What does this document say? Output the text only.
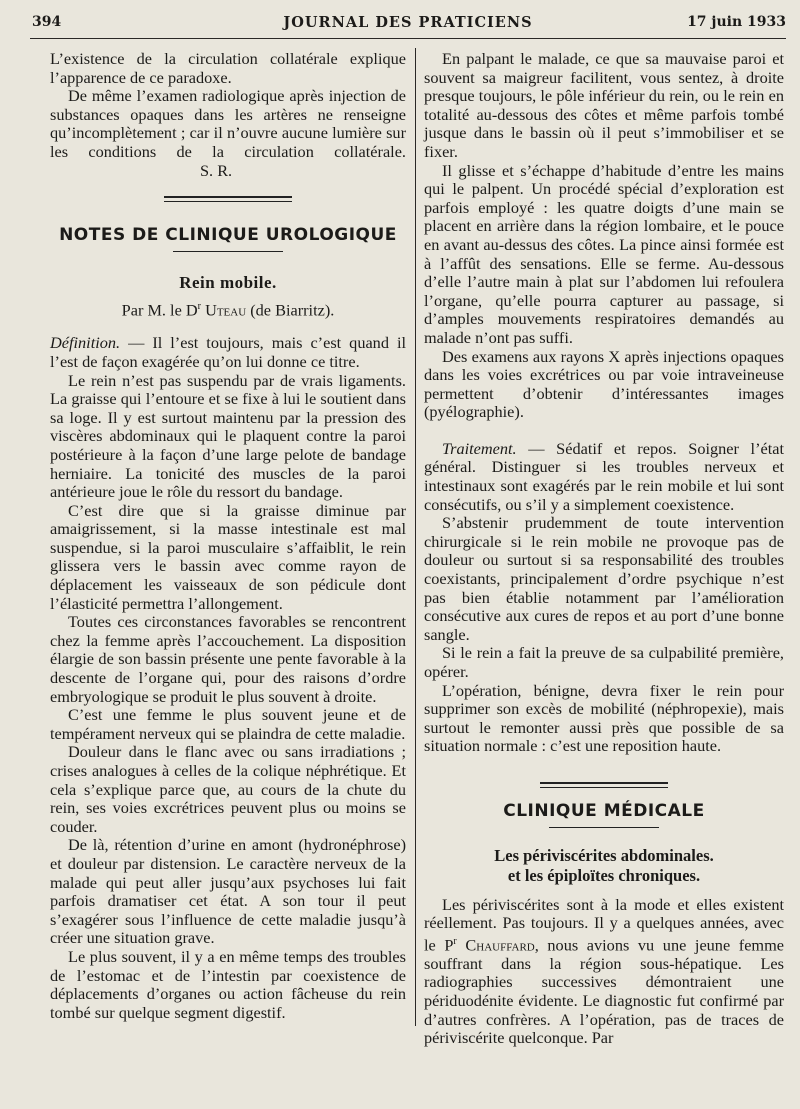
394	JOURNAL DES PRATICIENS	17 juin 1933

L’existence de la circulation collatérale explique l’apparence de ce paradoxe.

De même l’examen radiologique après injection de substances opaques dans les artères ne renseigne qu’incomplètement ; car il n’ouvre aucune lumière sur les conditions de la circulation collatérale. S. R.

NOTES DE CLINIQUE UROLOGIQUE
Rein mobile.
Par M. le $D^r$ Uteau (de Biarritz).

Définition. — Il l’est toujours, mais c’est quand il l’est de façon exagérée qu’on lui donne ce titre.

Le rein n’est pas suspendu par de vrais ligaments. La graisse qui l’entoure et se fixe à lui le soutient dans sa loge. Il y est surtout maintenu par la pression des viscères abdominaux qui le plaquent contre la paroi postérieure à la façon d’une large pelote de bandage herniaire. La tonicité des muscles de la paroi antérieure joue le rôle du ressort du bandage.

C’est dire que si la graisse diminue par amaigrissement, si la masse intestinale est mal suspendue, si la paroi musculaire s’affaiblit, le rein glissera vers le bassin avec comme rayon de déplacement les vaisseaux de son pédicule dont l’élasticité permettra l’allongement.

Toutes ces circonstances favorables se rencontrent chez la femme après l’accouchement. La disposition élargie de son bassin présente une pente favorable à la descente de l’organe qui, pour des raisons d’ordre embryologique se produit le plus souvent à droite.

C’est une femme le plus souvent jeune et de tempérament nerveux qui se plaindra de cette maladie.

Douleur dans le flanc avec ou sans irradiations ; crises analogues à celles de la colique néphrétique. Et cela s’explique parce que, au cours de la chute du rein, ses voies excrétrices peuvent plus ou moins se couder.

De là, rétention d’urine en amont (hydronéphrose) et douleur par distension. Le caractère nerveux de la malade qui peut aller jusqu’aux psychoses lui fait parfois dramatiser cet état. A son tour il peut s’exagérer sous l’influence de cette maladie jusqu’à créer une situation grave.

Le plus souvent, il y a en même temps des troubles de l’estomac et de l’intestin par coexistence de déplacements d’organes ou action fâcheuse du rein tombé sur quelque segment digestif.

En palpant le malade, ce que sa mauvaise paroi et souvent sa maigreur facilitent, vous sentez, à droite presque toujours, le pôle inférieur du rein, ou le rein en totalité au-dessous des côtes et même parfois tombé jusque dans le bassin où il peut s’immobiliser et se fixer.

Il glisse et s’échappe d’habitude d’entre les mains qui le palpent. Un procédé spécial d’exploration est parfois employé : les quatre doigts d’une main se placent en arrière dans la région lombaire, et le pouce en avant au-dessus des côtes. La pince ainsi formée est à l’affût des sensations. Elle se ferme. Au-dessous d’elle l’autre main à plat sur l’abdomen lui refoulera l’organe, qu’elle pourra capturer au passage, si d’amples mouvements respiratoires demandés au malade n’ont pas suffi.

Des examens aux rayons X après injections opaques dans les voies excrétrices ou par voie intraveineuse permettent d’obtenir d’intéressantes images (pyélographie).

Traitement. — Sédatif et repos. Soigner l’état général. Distinguer si les troubles nerveux et intestinaux sont exagérés par le rein mobile et lui sont consécutifs, ou s’il y a simplement coexistence.

S’abstenir prudemment de toute intervention chirurgicale si le rein mobile ne provoque pas de douleur ou surtout si sa responsabilité des troubles coexistants, principalement d’ordre psychique n’est pas bien établie notamment par l’amélioration consécutive aux cures de repos et au port d’une bonne sangle.

Si le rein a fait la preuve de sa culpabilité première, opérer.

L’opération, bénigne, devra fixer le rein pour supprimer son excès de mobilité (néphropexie), mais surtout le remonter aussi près que possible de sa situation normale : c’est une reposition haute.

CLINIQUE MÉDICALE
Les périviscérites abdominales.
et les épiploïtes chroniques.

Les périviscérites sont à la mode et elles existent réellement. Pas toujours. Il y a quelques années, avec le $P^r$ Chauffard, nous avions vu une jeune femme souffrant dans la région sous-hépatique. Les radiographies successives démontraient une périduodénite évidente. Le diagnostic fut confirmé par d’autres confrères. A l’opération, pas de traces de périviscérite quelconque. Par
